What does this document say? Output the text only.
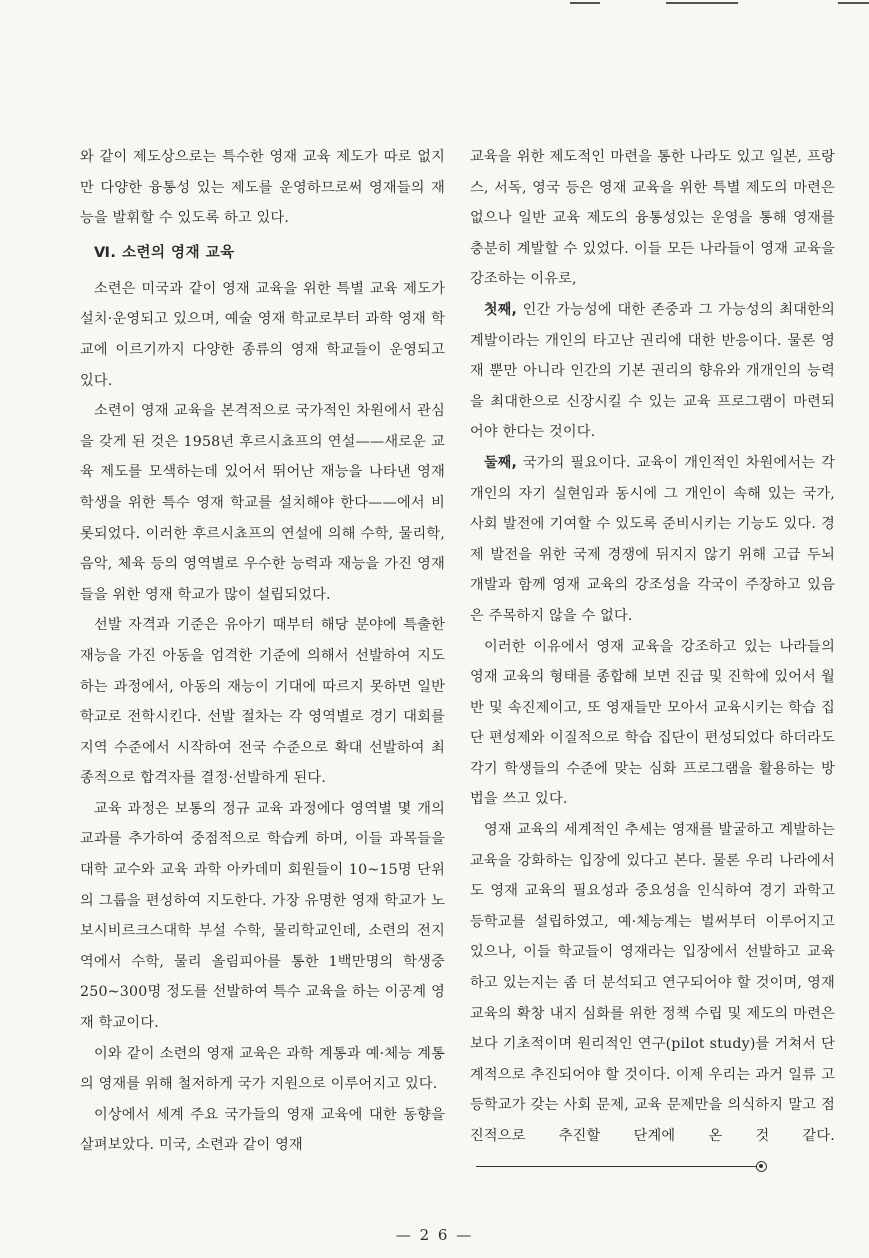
와 같이 제도상으로는 특수한 영재 교육 제도가 따로 없지만 다양한 융통성 있는 제도를 운영하므로써 영재들의 재능을 발휘할 수 있도록 하고 있다.

Ⅵ. 소련의 영재 교육

소련은 미국과 같이 영재 교육을 위한 특별 교육 제도가 설치·운영되고 있으며, 예술 영재 학교로부터 과학 영재 학교에 이르기까지 다양한 종류의 영재 학교들이 운영되고 있다.

소련이 영재 교육을 본격적으로 국가적인 차원에서 관심을 갖게 된 것은 1958년 후르시쵸프의 연설——새로운 교육 제도를 모색하는데 있어서 뛰어난 재능을 나타낸 영재 학생을 위한 특수 영재 학교를 설치해야 한다——에서 비롯되었다. 이러한 후르시쵸프의 연설에 의해 수학, 물리학, 음악, 체육 등의 영역별로 우수한 능력과 재능을 가진 영재들을 위한 영재 학교가 많이 설립되었다.

선발 자격과 기준은 유아기 때부터 해당 분야에 특출한 재능을 가진 아동을 엄격한 기준에 의해서 선발하여 지도하는 과정에서, 아동의 재능이 기대에 따르지 못하면 일반 학교로 전학시킨다. 선발 절차는 각 영역별로 경기 대회를 지역 수준에서 시작하여 전국 수준으로 확대 선발하여 최종적으로 합격자를 결정·선발하게 된다.

교육 과정은 보통의 정규 교육 과정에다 영역별 몇 개의 교과를 추가하여 중점적으로 학습케 하며, 이들 과목들을 대학 교수와 교육 과학 아카데미 회원들이 10~15명 단위의 그룹을 편성하여 지도한다. 가장 유명한 영재 학교가 노보시비르크스대학 부설 수학, 물리학교인데, 소련의 전지역에서 수학, 물리 올림피아를 통한 1백만명의 학생중 250~300명 정도를 선발하여 특수 교육을 하는 이공계 영재 학교이다.

이와 같이 소련의 영재 교육은 과학 계통과 예·체능 계통의 영재를 위해 철저하게 국가 지원으로 이루어지고 있다.

이상에서 세계 주요 국가들의 영재 교육에 대한 동향을 살펴보았다. 미국, 소련과 같이 영재

교육을 위한 제도적인 마련을 통한 나라도 있고 일본, 프랑스, 서독, 영국 등은 영재 교육을 위한 특별 제도의 마련은 없으나 일반 교육 제도의 융통성있는 운영을 통해 영재를 충분히 계발할 수 있었다. 이들 모든 나라들이 영재 교육을 강조하는 이유로,

첫째, 인간 가능성에 대한 존중과 그 가능성의 최대한의 계발이라는 개인의 타고난 권리에 대한 반응이다. 물론 영재 뿐만 아니라 인간의 기본 권리의 향유와 개개인의 능력을 최대한으로 신장시킬 수 있는 교육 프로그램이 마련되어야 한다는 것이다.

둘째, 국가의 필요이다. 교육이 개인적인 차원에서는 각 개인의 자기 실현임과 동시에 그 개인이 속해 있는 국가, 사회 발전에 기여할 수 있도록 준비시키는 기능도 있다. 경제 발전을 위한 국제 경쟁에 뒤지지 않기 위해 고급 두뇌 개발과 함께 영재 교육의 강조성을 각국이 주장하고 있음은 주목하지 않을 수 없다.

이러한 이유에서 영재 교육을 강조하고 있는 나라들의 영재 교육의 형태를 종합해 보면 진급 및 진학에 있어서 월반 및 속진제이고, 또 영재들만 모아서 교육시키는 학습 집단 편성제와 이질적으로 학습 집단이 편성되었다 하더라도 각기 학생들의 수준에 맞는 심화 프로그램을 활용하는 방법을 쓰고 있다.

영재 교육의 세계적인 추세는 영재를 발굴하고 계발하는 교육을 강화하는 입장에 있다고 본다. 물론 우리 나라에서도 영재 교육의 필요성과 중요성을 인식하여 경기 과학고등학교를 설립하였고, 예·체능계는 벌써부터 이루어지고 있으나, 이들 학교들이 영재라는 입장에서 선발하고 교육하고 있는지는 좀 더 분석되고 연구되어야 할 것이며, 영재 교육의 확창 내지 심화를 위한 정책 수립 및 제도의 마련은 보다 기초적이며 원리적인 연구(pilot study)를 거쳐서 단계적으로 추진되어야 할 것이다. 이제 우리는 과거 일류 고등학교가 갖는 사회 문제, 교육 문제만을 의식하지 말고 점진적으로 추진할 단계에 온 것 같다.

— 2 6 —
